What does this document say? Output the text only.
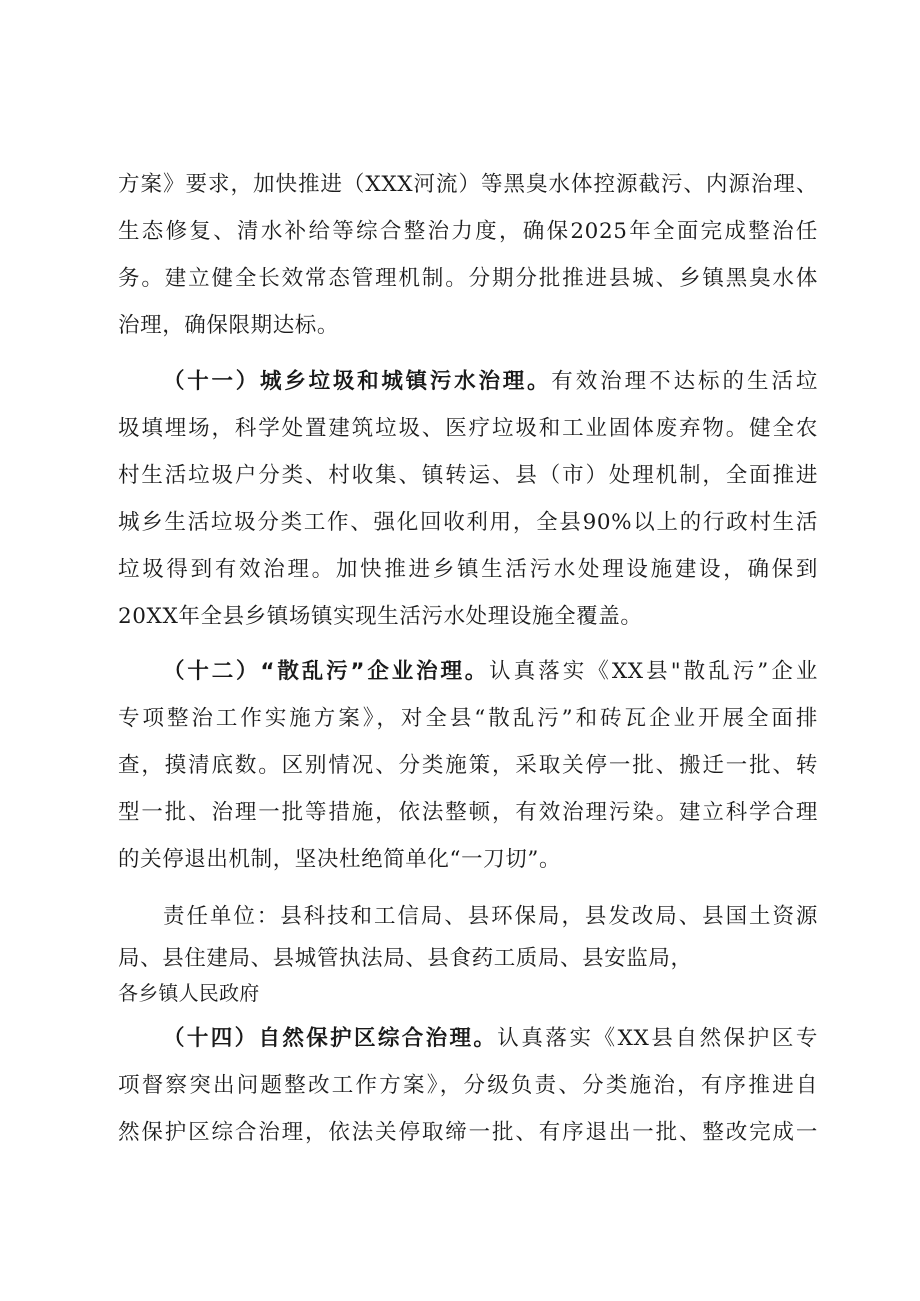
方案》要求，加快推进（XXX河流）等黑臭水体控源截污、内源治理、
生态修复、清水补给等综合整治力度，确保2025年全面完成整治任
务。建立健全长效常态管理机制。分期分批推进县城、乡镇黑臭水体
治理，确保限期达标。
（十一）城乡垃圾和城镇污水治理。有效治理不达标的生活垃
圾填埋场，科学处置建筑垃圾、医疗垃圾和工业固体废弃物。健全农
村生活垃圾户分类、村收集、镇转运、县（市）处理机制，全面推进
城乡生活垃圾分类工作、强化回收利用，全县90%以上的行政村生活
垃圾得到有效治理。加快推进乡镇生活污水处理设施建设，确保到
20XX年全县乡镇场镇实现生活污水处理设施全覆盖。
（十二）“散乱污”企业治理。认真落实《XX县"散乱污”企业
专项整治工作实施方案》，对全县“散乱污”和砖瓦企业开展全面排
查，摸清底数。区别情况、分类施策，采取关停一批、搬迁一批、转
型一批、治理一批等措施，依法整顿，有效治理污染。建立科学合理
的关停退出机制，坚决杜绝简单化“一刀切”。
责任单位：县科技和工信局、县环保局，县发改局、县国土资源
局、县住建局、县城管执法局、县食药工质局、县安监局，
各乡镇人民政府
（十四）自然保护区综合治理。认真落实《XX县自然保护区专
项督察突出问题整改工作方案》，分级负责、分类施治，有序推进自
然保护区综合治理，依法关停取缔一批、有序退出一批、整改完成一
